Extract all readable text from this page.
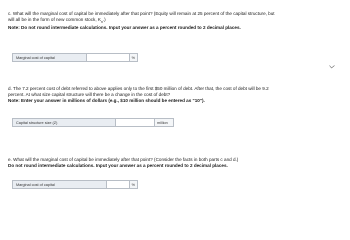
c. What will the marginal cost of capital be immediately after that point? (Equity will remain at 25 percent of the capital structure, but
will all be in the form of new common stock, $K_n$.)

Note: Do not round intermediate calculations. Input your answer as a percent rounded to 2 decimal places.

Marginal cost of capital	%

d. The 7.2 percent cost of debt referred to above applies only to the first $50 million of debt. After that, the cost of debt will be 9.2
percent. At what size capital structure will there be a change in the cost of debt?

Note: Enter your answer in millions of dollars (e.g., $10 million should be entered as "10").

Capital structure size (Z)	million

e. What will the marginal cost of capital be immediately after that point? (Consider the facts in both parts c and d.)

Do not round intermediate calculations. Input your answer as a percent rounded to 2 decimal places.

Marginal cost of capital	%
